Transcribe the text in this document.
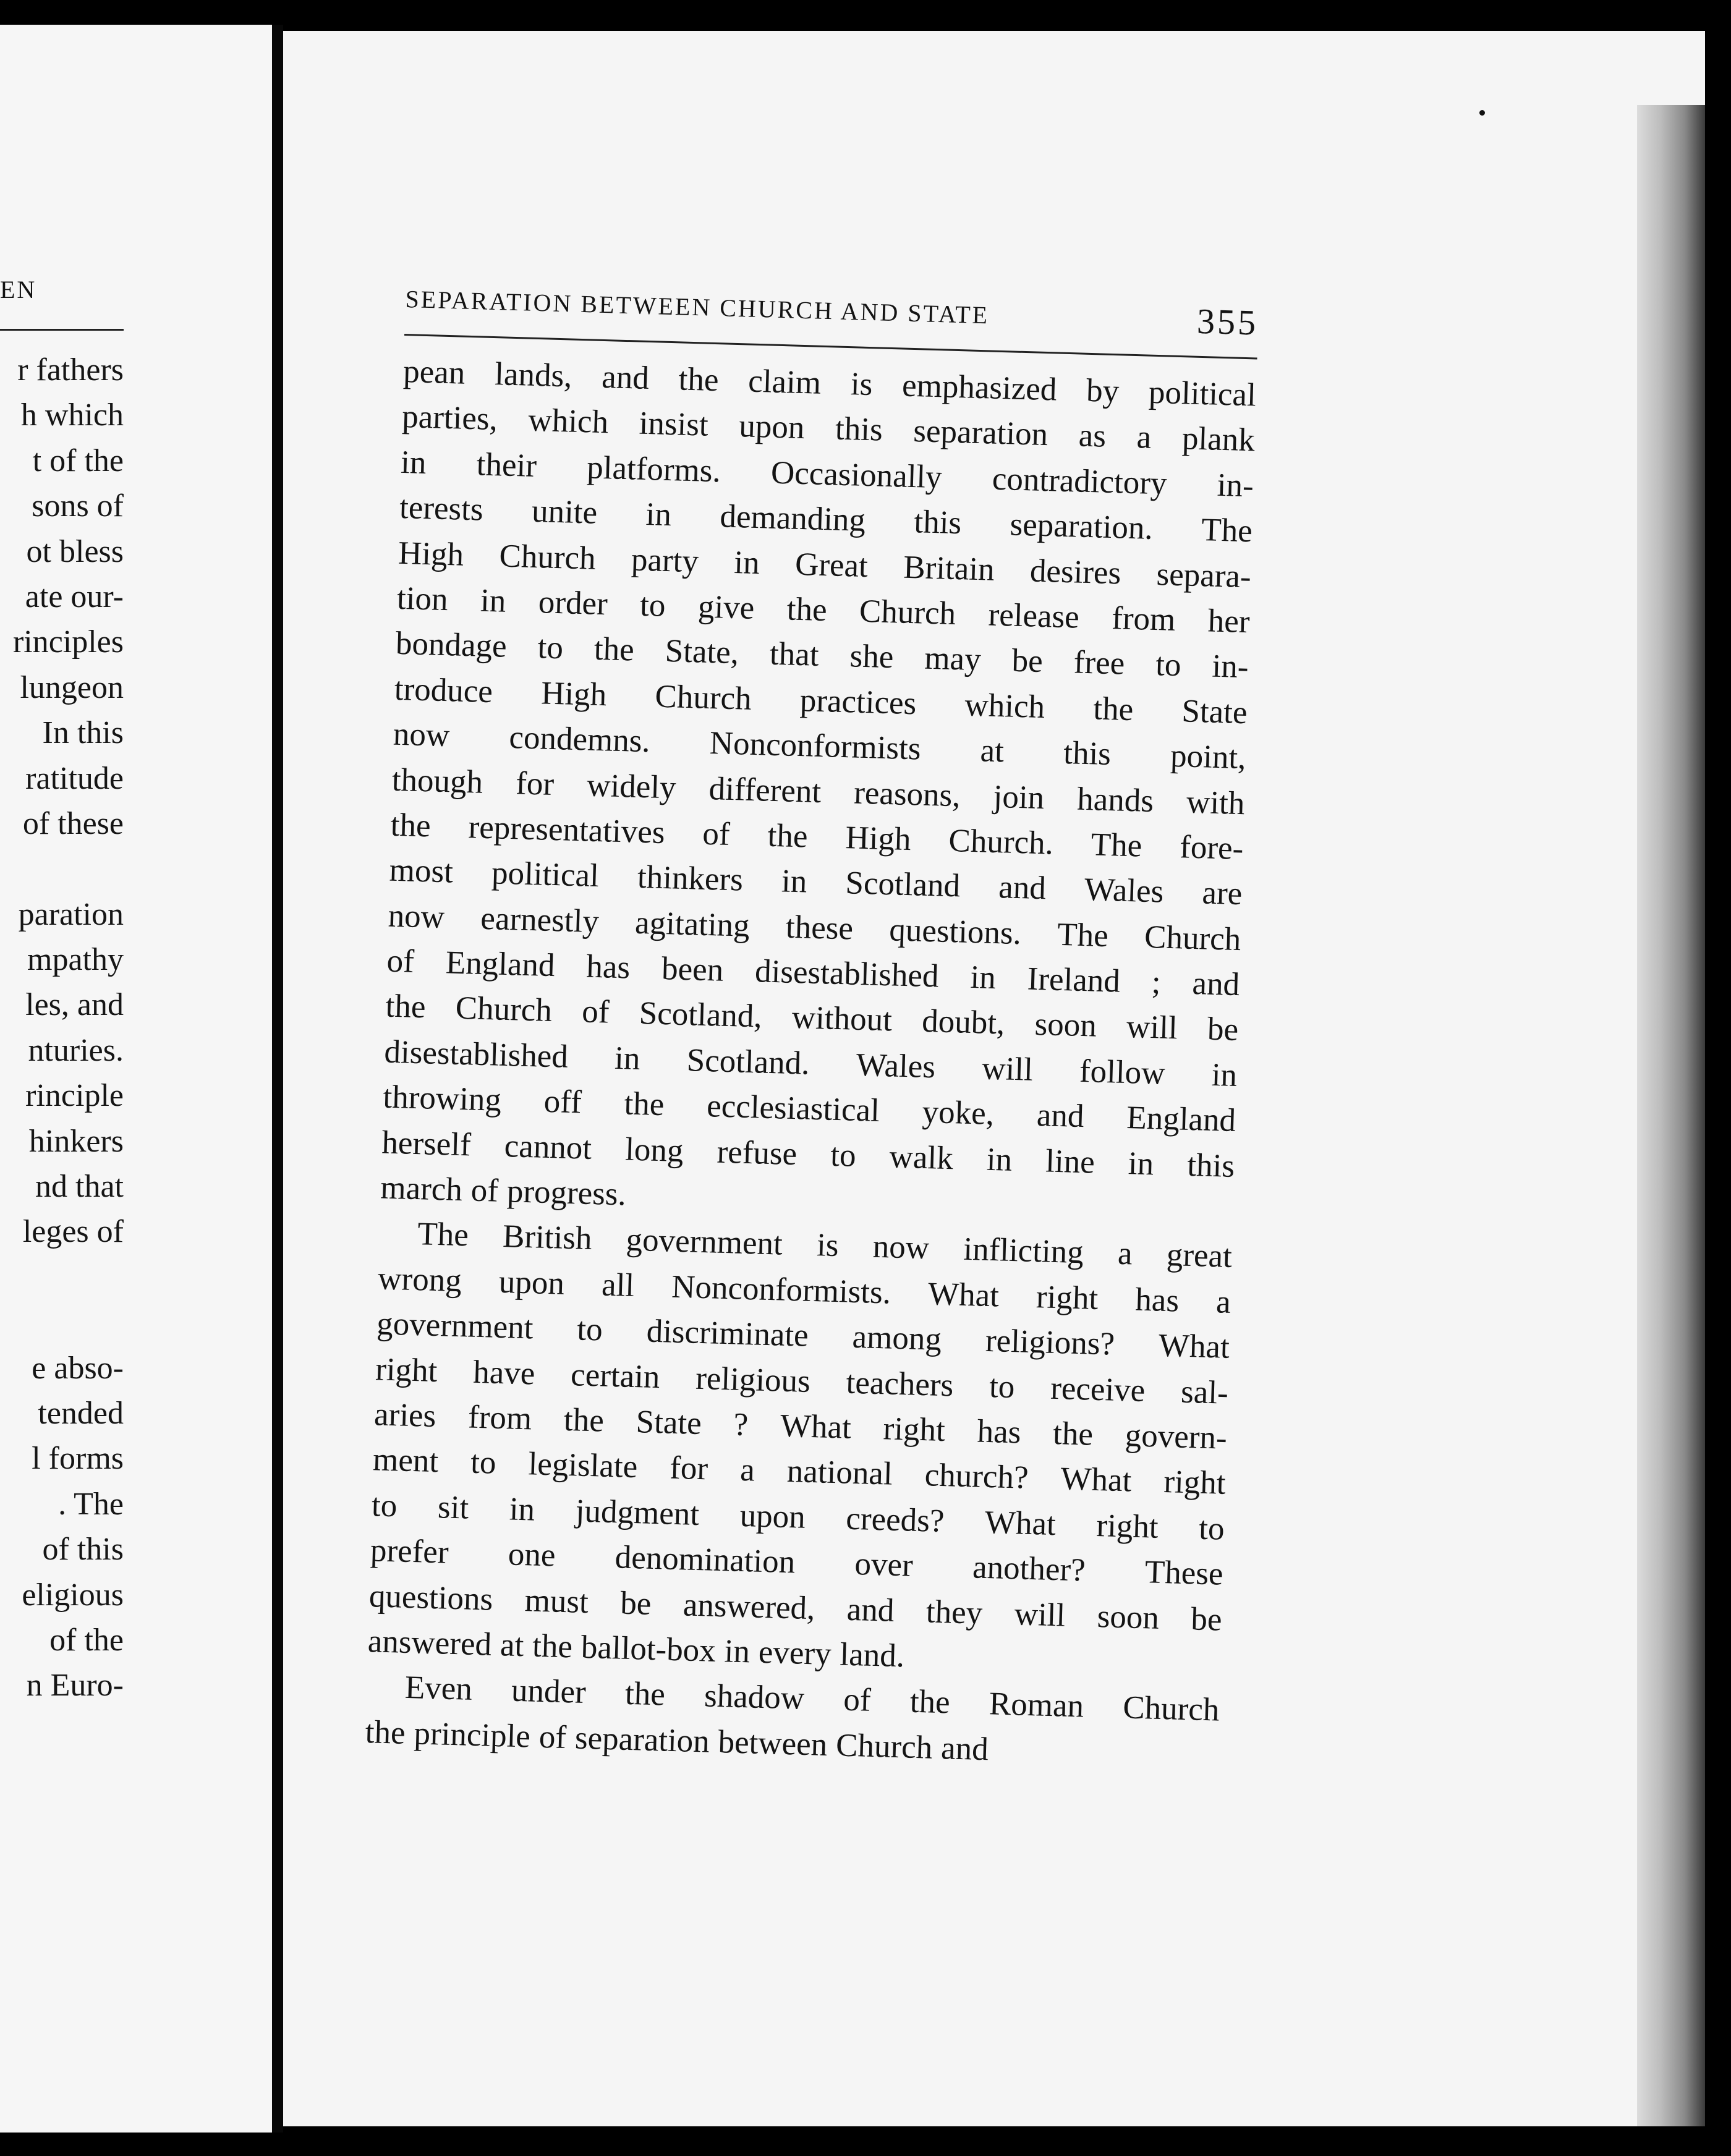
EN
r fathers
h which
t of the
sons of
ot bless
ate our-
rinciples
lungeon
In this
ratitude
of these
paration
mpathy
les, and
nturies.
rinciple
hinkers
nd that
leges of
e abso-
tended
l forms
. The
of this
eligious
of the
n Euro-
SEPARATION BETWEEN CHURCH AND STATE	355
pean lands, and the claim is emphasized by political
parties, which insist upon this separation as a plank
in their platforms. Occasionally contradictory in-
terests unite in demanding this separation. The
High Church party in Great Britain desires separa-
tion in order to give the Church release from her
bondage to the State, that she may be free to in-
troduce High Church practices which the State
now condemns. Nonconformists at this point,
though for widely different reasons, join hands with
the representatives of the High Church. The fore-
most political thinkers in Scotland and Wales are
now earnestly agitating these questions. The Church
of England has been disestablished in Ireland ; and
the Church of Scotland, without doubt, soon will be
disestablished in Scotland. Wales will follow in
throwing off the ecclesiastical yoke, and England
herself cannot long refuse to walk in line in this
march of progress.
The British government is now inflicting a great
wrong upon all Nonconformists. What right has a
government to discriminate among religions? What
right have certain religious teachers to receive sal-
aries from the State ? What right has the govern-
ment to legislate for a national church? What right
to sit in judgment upon creeds? What right to
prefer one denomination over another? These
questions must be answered, and they will soon be
answered at the ballot-box in every land.
Even under the shadow of the Roman Church
the principle of separation between Church and
